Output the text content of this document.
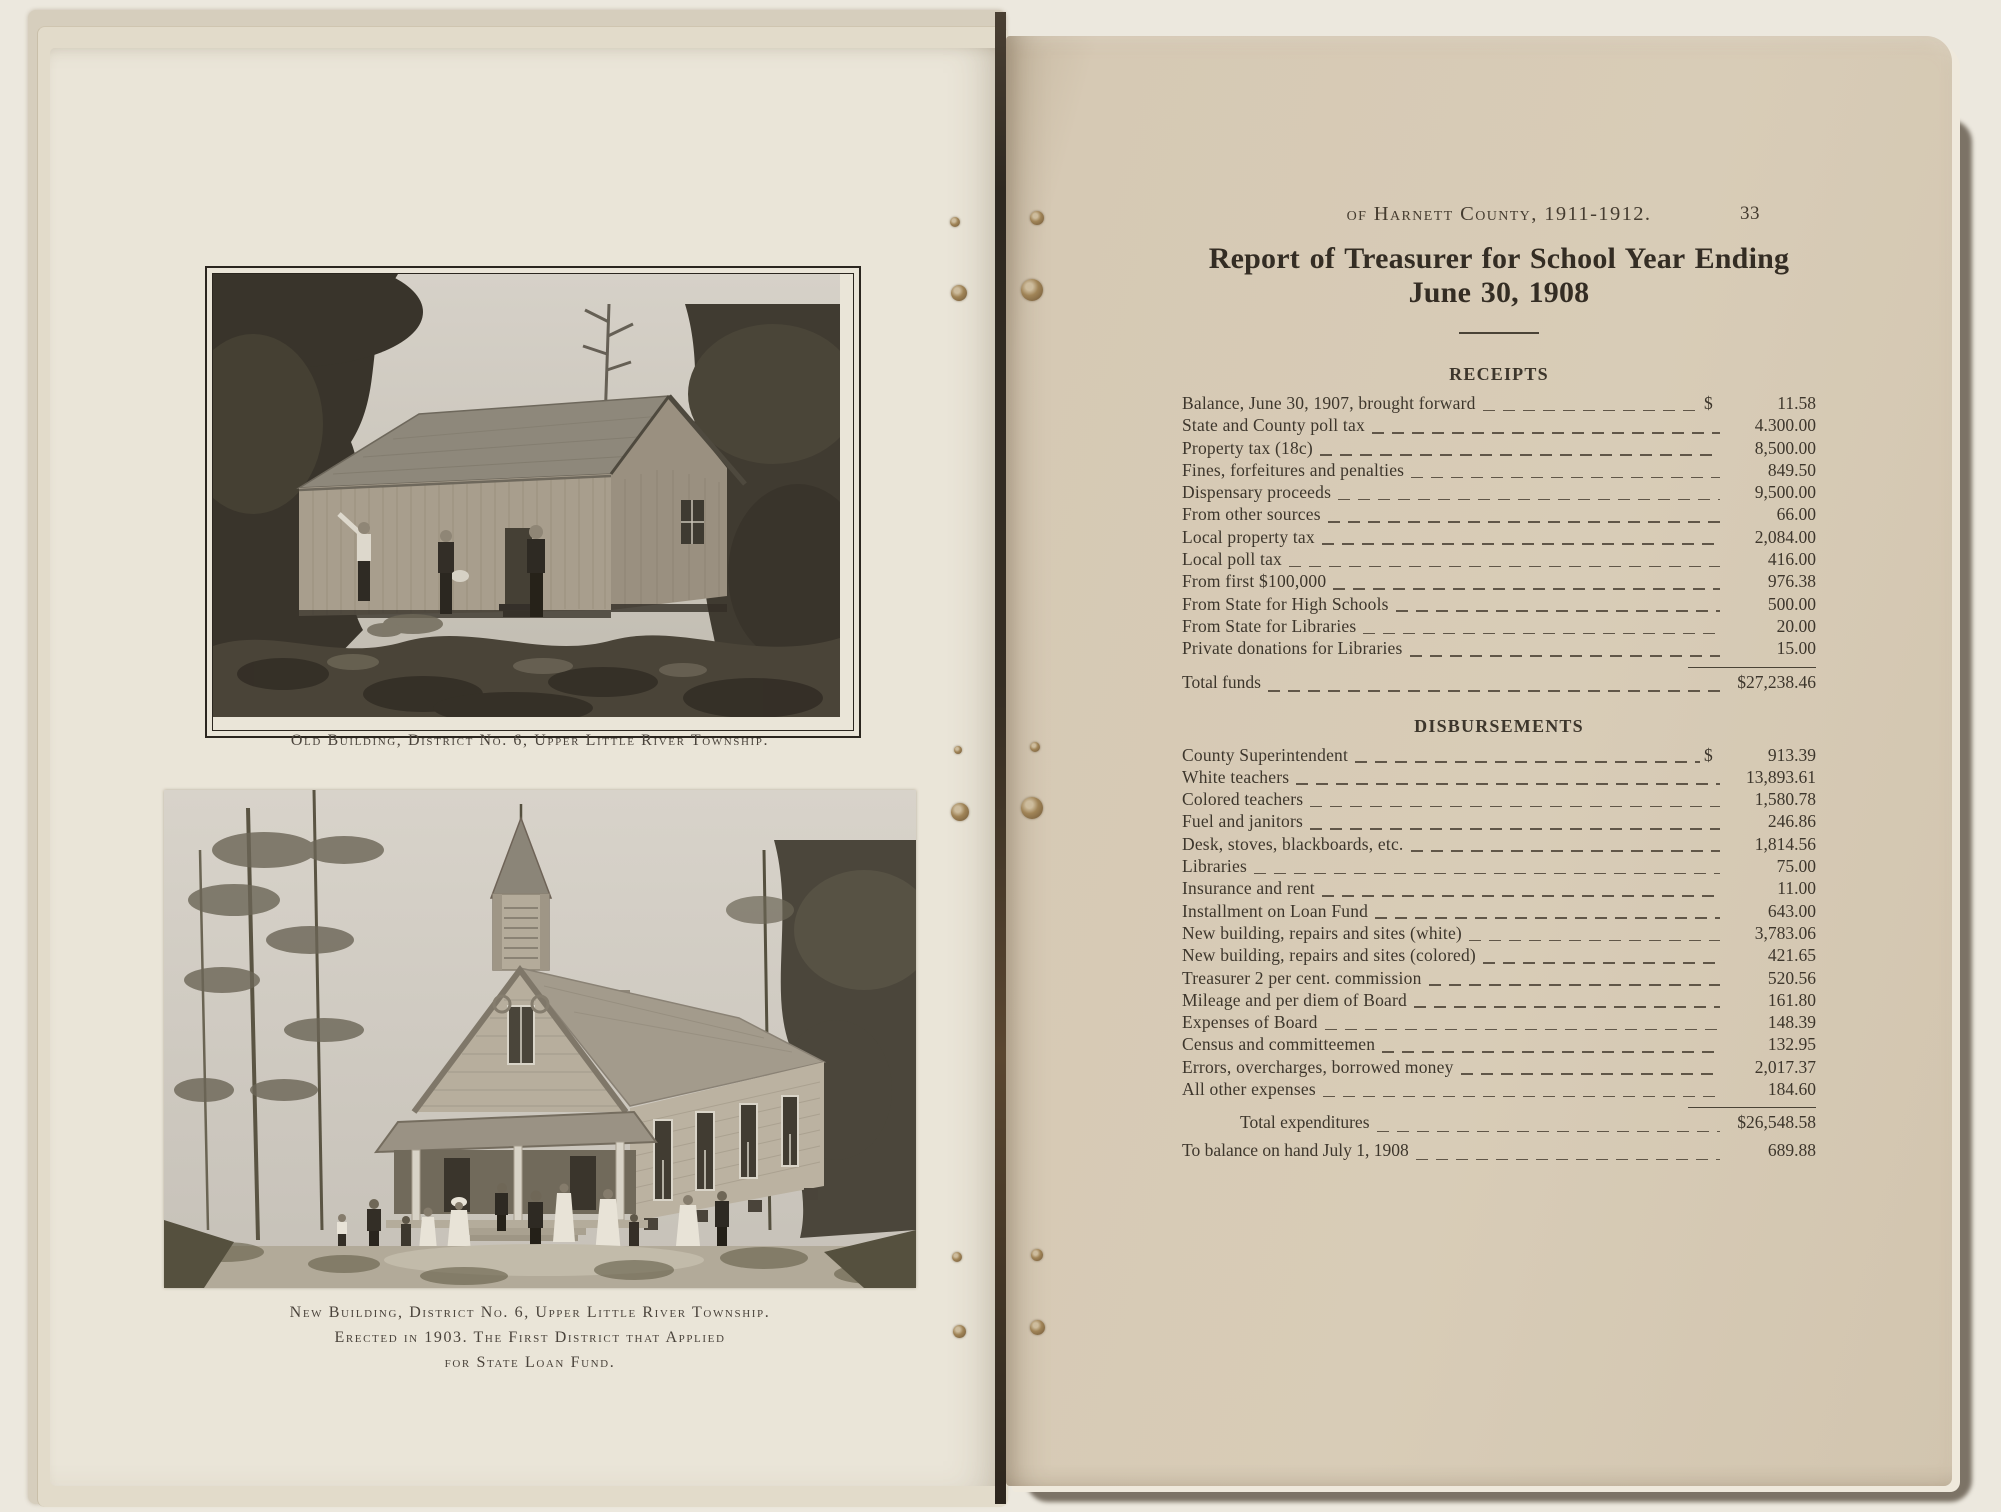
Old Building, District No. 6, Upper Little River Township.
New Building, District No. 6, Upper Little River Township.
Erected in 1903. The First District that Applied
for State Loan Fund.
of Harnett County, 1911-1912.	33
Report of Treasurer for School Year Ending June 30, 1908
RECEIPTS
Balance, June 30, 1907, brought forward	$	11.58
State and County poll tax	4.300.00
Property tax (18c)	8,500.00
Fines, forfeitures and penalties	849.50
Dispensary proceeds	9,500.00
From other sources	66.00
Local property tax	2,084.00
Local poll tax	416.00
From first $100,000	976.38
From State for High Schools	500.00
From State for Libraries	20.00
Private donations for Libraries	15.00
Total funds	$27,238.46
DISBURSEMENTS
County Superintendent	$	913.39
White teachers	13,893.61
Colored teachers	1,580.78
Fuel and janitors	246.86
Desk, stoves, blackboards, etc.	1,814.56
Libraries	75.00
Insurance and rent	11.00
Installment on Loan Fund	643.00
New building, repairs and sites (white)	3,783.06
New building, repairs and sites (colored)	421.65
Treasurer 2 per cent. commission	520.56
Mileage and per diem of Board	161.80
Expenses of Board	148.39
Census and committeemen	132.95
Errors, overcharges, borrowed money	2,017.37
All other expenses	184.60
Total expenditures	$26,548.58
To balance on hand July 1, 1908	689.88
